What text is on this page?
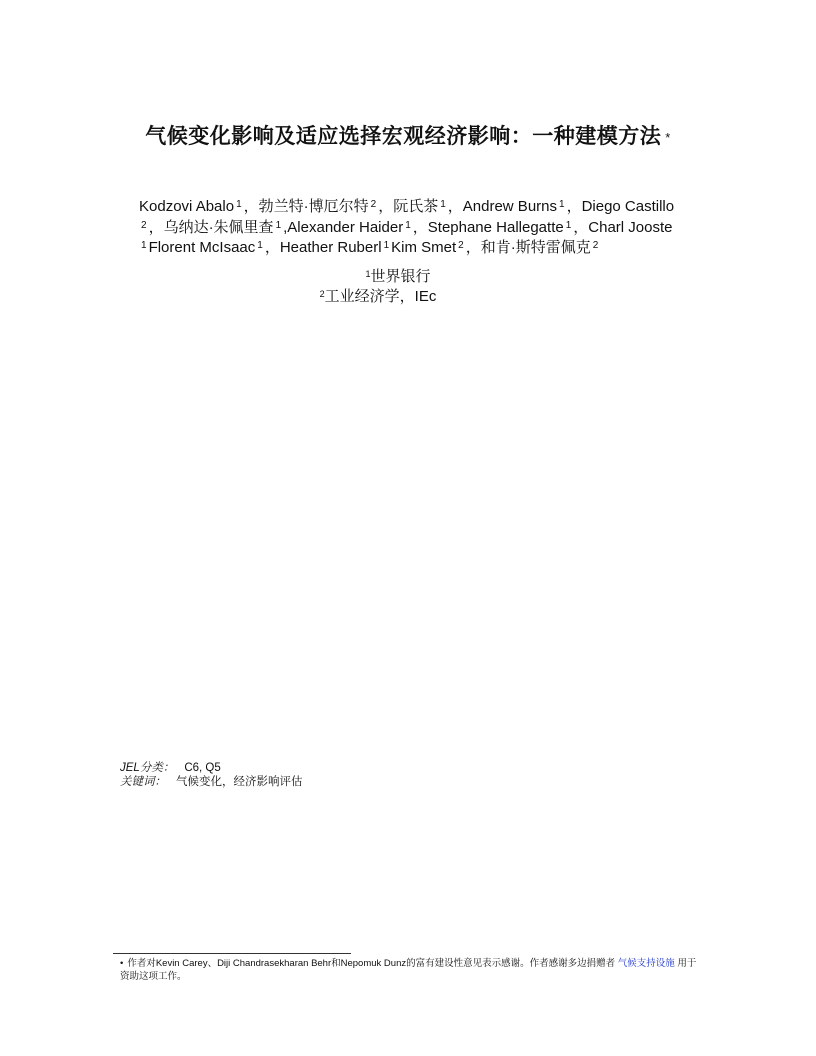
气候变化影响及适应选择宏观经济影响：一种建模方法 *
Kodzovi Abalo $^1$ ，勃兰特·博厄尔特 $^2$ ，阮氏茶 $^1$ ，Andrew Burns $^1$ ，Diego Castillo$^2$ ，乌纳达·朱佩里查 $^1$ ,Alexander Haider $^1$ ，Stephane Hallegatte $^1$ ，Charl Jooste$^1$ Florent McIsaac $^1$ ，Heather Ruberl $^1$ Kim Smet $^2$ ，和肯·斯特雷佩克 $^2$
$^1$世界银行
$^2$工业经济学，IEc
JEL分类： C6, Q5
关键词： 气候变化，经济影响评估
• 作者对Kevin Carey、Diji Chandrasekharan Behr和Nepomuk Dunz的富有建设性意见表示感谢。作者感谢多边捐赠者 气候支持设施 用于资助这项工作。
